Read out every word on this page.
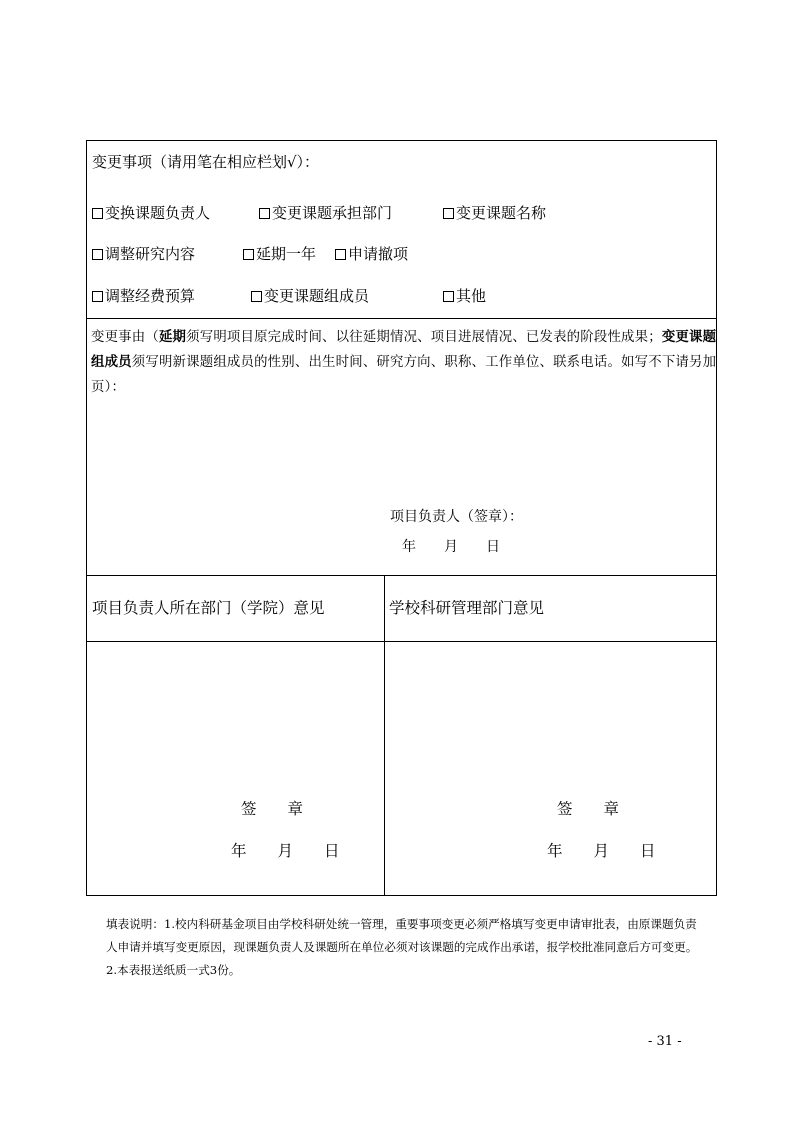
变更事项（请用笔在相应栏划√）：
变换课题负责人	变更课题承担部门	变更课题名称
调整研究内容	延期一年	申请撤项
调整经费预算	变更课题组成员	其他
变更事由（延期须写明项目原完成时间、以往延期情况、项目进展情况、已发表的阶段性成果；变更课题组成员须写明新课题组成员的性别、出生时间、研究方向、职称、工作单位、联系电话。如写不下请另加页）：
项目负责人（签章）：
年　　月　　日
项目负责人所在部门（学院）意见	学校科研管理部门意见
签　　章
年　　月　　日
签　　章
年　　月　　日
填表说明：1.校内科研基金项目由学校科研处统一管理，重要事项变更必须严格填写变更申请审批表，由原课题负责人申请并填写变更原因，现课题负责人及课题所在单位必须对该课题的完成作出承诺，报学校批准同意后方可变更。2.本表报送纸质一式3份。
- 31 -
